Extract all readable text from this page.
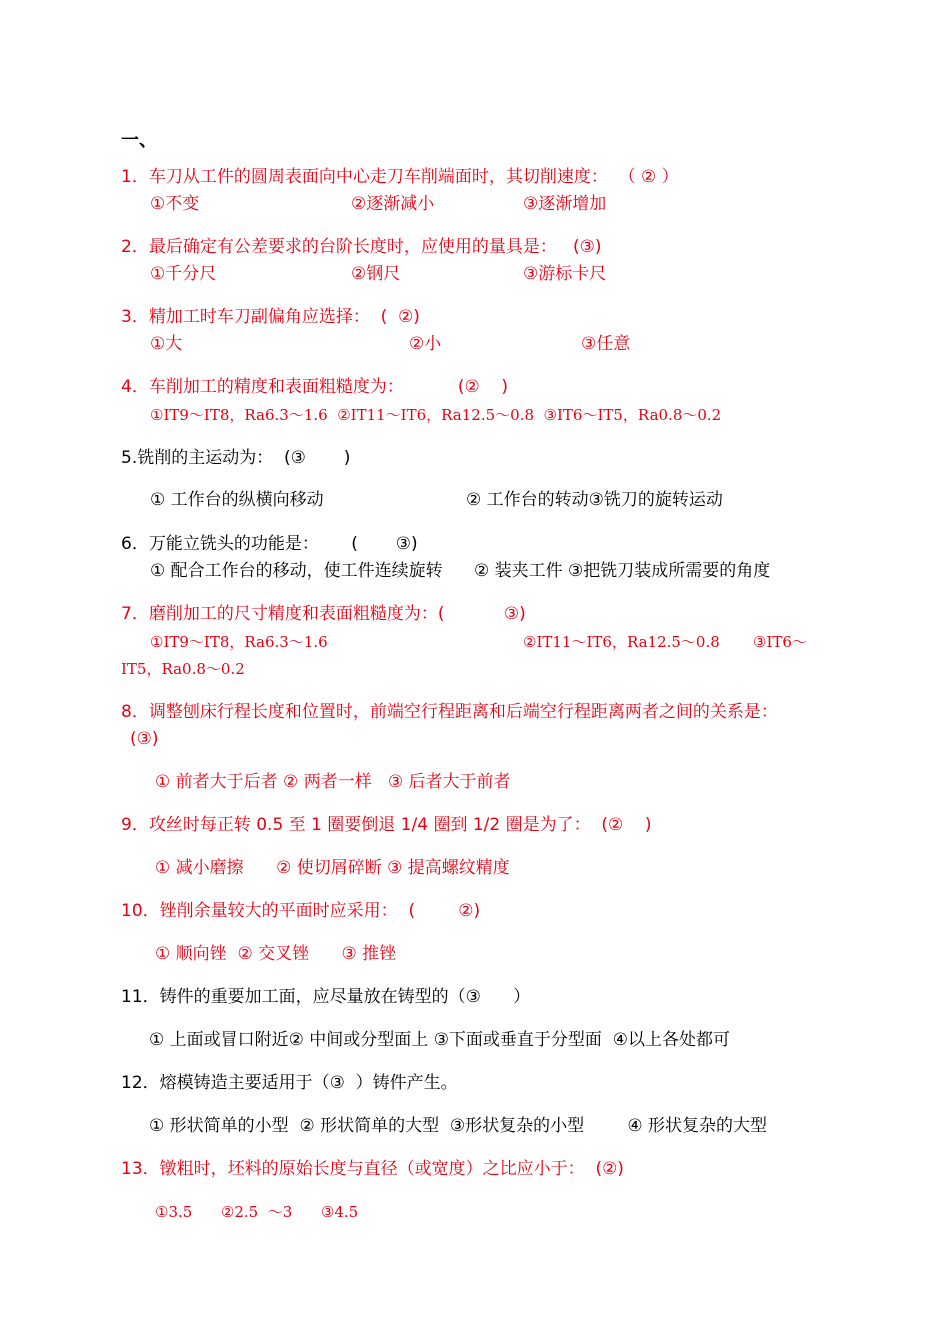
一、
1．车刀从工件的圆周表面向中心走刀车削端面时，其切削速度：  （ ② ）
①不变	②逐渐减小	③逐渐增加
2．最后确定有公差要求的台阶长度时，应使用的量具是：   (③)
①千分尺	②钢尺	③游标卡尺
3．精加工时车刀副偏角应选择：  (  ②)
①大	②小	③任意
4．车削加工的精度和表面粗糙度为：          (②    )
①IT9～IT8，Ra6.3～1.6  ②IT11～IT6，Ra12.5～0.8  ③IT6～IT5，Ra0.8～0.2
5.铣削的主运动为：  (③       )
① 工作台的纵横向移动	② 工作台的转动③铣刀的旋转运动
6．万能立铣头的功能是：      (       ③)
① 配合工作台的移动，使工件连续旋转 ② 装夹工件 ③把铣刀装成所需要的角度
7．磨削加工的尺寸精度和表面粗糙度为：(           ③)
①IT9～IT8，Ra6.3～1.6	②IT11～IT6，Ra12.5～0.8 ③IT6～
IT5，Ra0.8～0.2
8．调整刨床行程长度和位置时，前端空行程距离和后端空行程距离两者之间的关系是：
(③)
① 前者大于后者 ② 两者一样   ③ 后者大于前者
9．攻丝时每正转 0.5 至 1 圈要倒退 1/4 圈到 1/2 圈是为了：  (②    )
① 减小磨擦      ② 使切屑碎断 ③ 提高螺纹精度
10．锉削余量较大的平面时应采用：  (        ②)
① 顺向锉  ② 交叉锉      ③ 推锉
11．铸件的重要加工面，应尽量放在铸型的（③      ）
① 上面或冒口附近② 中间或分型面上 ③下面或垂直于分型面  ④以上各处都可
12．熔模铸造主要适用于（③  ）铸件产生。
① 形状简单的小型  ② 形状简单的大型  ③形状复杂的小型        ④ 形状复杂的大型
13．镦粗时，坯料的原始长度与直径（或宽度）之比应小于：  (②)
①3.5      ②2.5  ～3      ③4.5
